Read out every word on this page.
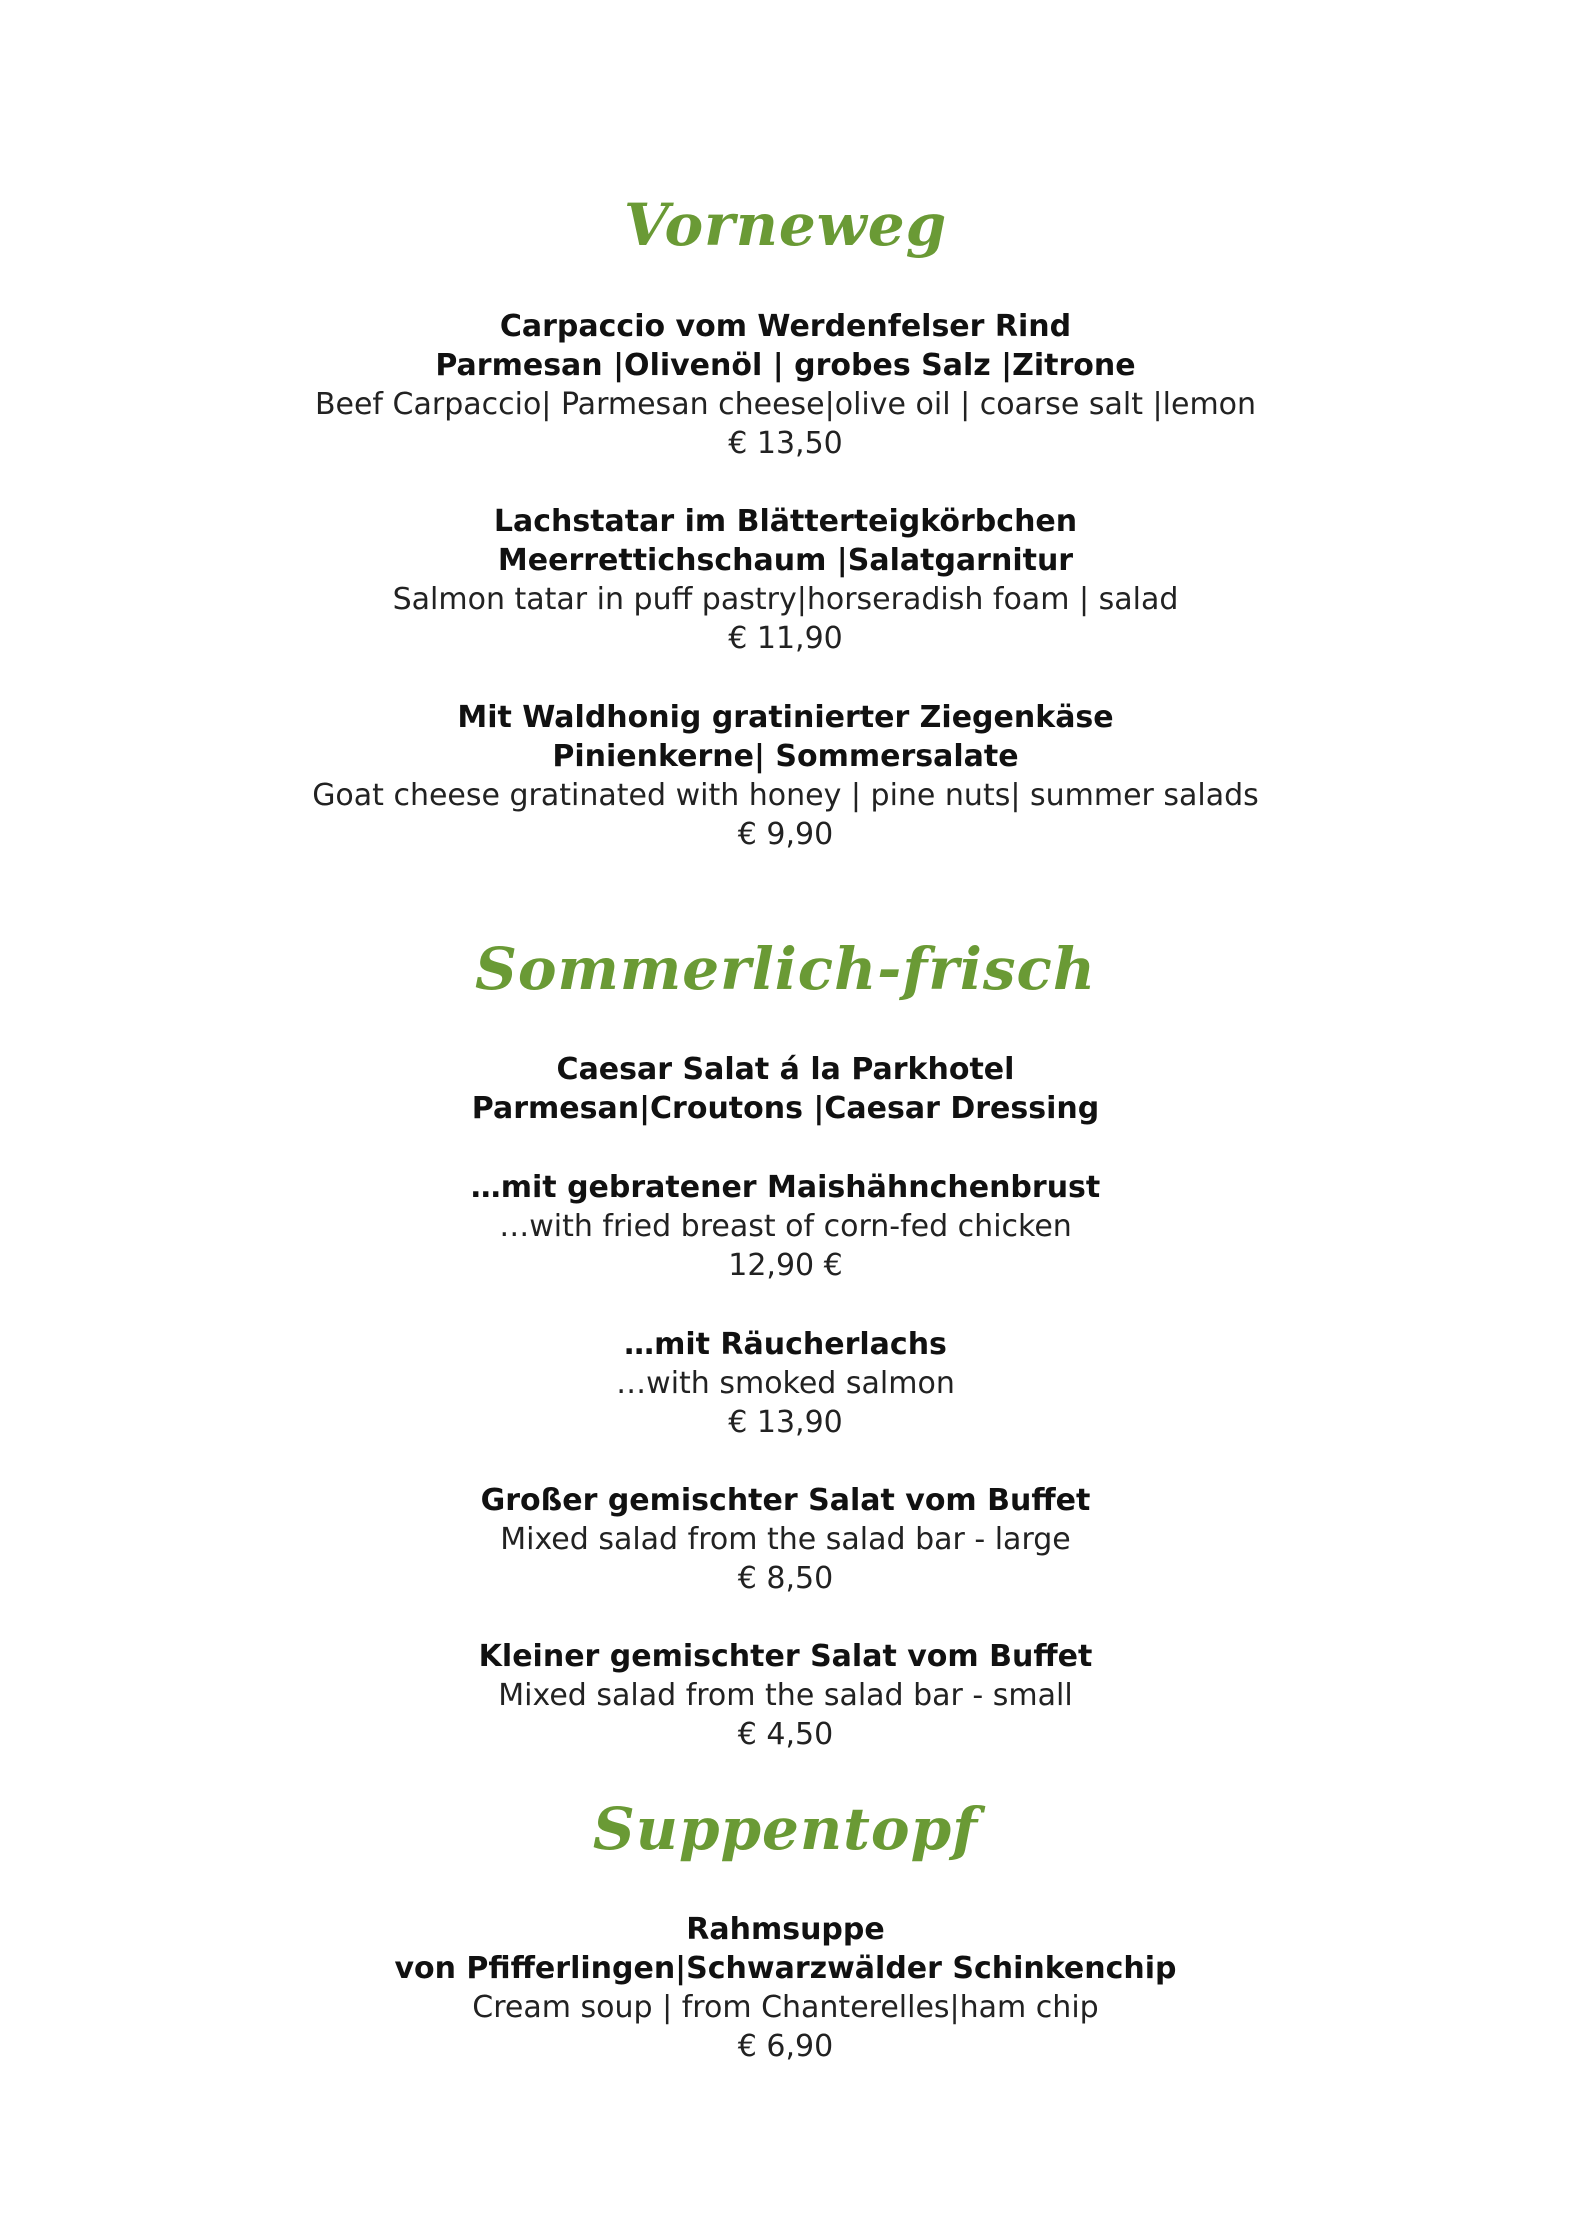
Vorneweg
Carpaccio vom Werdenfelser Rind
Parmesan |Olivenöl | grobes Salz |Zitrone
Beef Carpaccio| Parmesan cheese|olive oil | coarse salt |lemon
€ 13,50
Lachstatar im Blätterteigkörbchen
Meerrettichschaum |Salatgarnitur
Salmon tatar in puff pastry|horseradish foam | salad
€ 11,90
Mit Waldhonig gratinierter Ziegenkäse
Pinienkerne| Sommersalate
Goat cheese gratinated with honey | pine nuts| summer salads
€ 9,90
Sommerlich-frisch
Caesar Salat á la Parkhotel
Parmesan|Croutons |Caesar Dressing
…mit gebratener Maishähnchenbrust
…with fried breast of corn-fed chicken
12,90 €
…mit Räucherlachs
…with smoked salmon
€ 13,90
Großer gemischter Salat vom Buffet
Mixed salad from the salad bar - large
€ 8,50
Kleiner gemischter Salat vom Buffet
Mixed salad from the salad bar - small
€ 4,50
Suppentopf
Rahmsuppe
von Pfifferlingen|Schwarzwälder Schinkenchip
Cream soup | from Chanterelles|ham chip
€ 6,90
